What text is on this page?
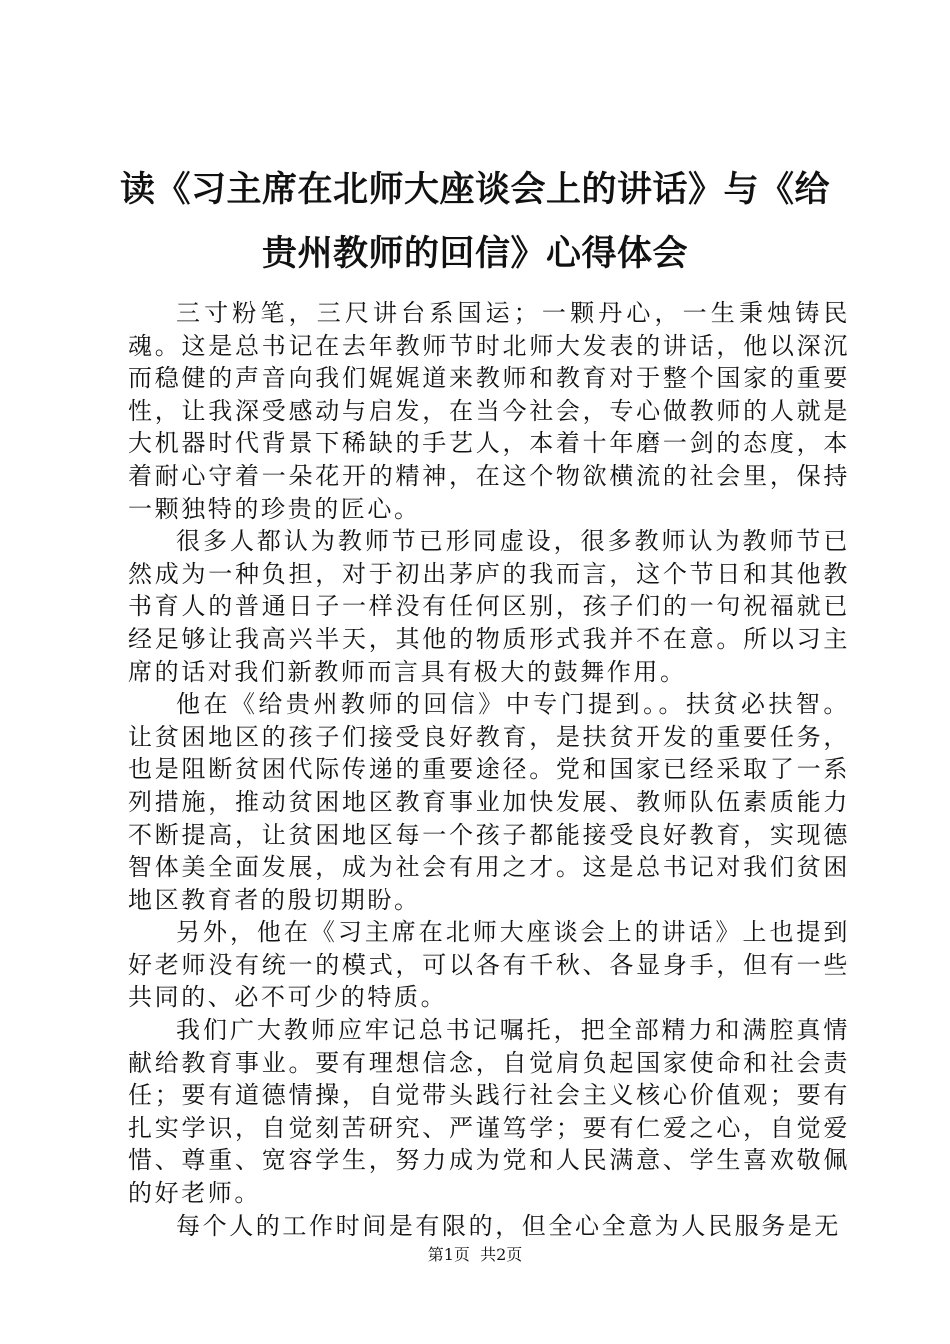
读《习主席在北师大座谈会上的讲话》与《给
贵州教师的回信》心得体会

三寸粉笔，三尺讲台系国运；一颗丹心，一生秉烛铸民魂。这是总书记在去年教师节时北师大发表的讲话，他以深沉而稳健的声音向我们娓娓道来教师和教育对于整个国家的重要性，让我深受感动与启发，在当今社会，专心做教师的人就是大机器时代背景下稀缺的手艺人，本着十年磨一剑的态度，本着耐心守着一朵花开的精神，在这个物欲横流的社会里，保持一颗独特的珍贵的匠心。

很多人都认为教师节已形同虚设，很多教师认为教师节已然成为一种负担，对于初出茅庐的我而言，这个节日和其他教书育人的普通日子一样没有任何区别，孩子们的一句祝福就已经足够让我高兴半天，其他的物质形式我并不在意。所以习主席的话对我们新教师而言具有极大的鼓舞作用。

他在《给贵州教师的回信》中专门提到。。扶贫必扶智。让贫困地区的孩子们接受良好教育，是扶贫开发的重要任务，也是阻断贫困代际传递的重要途径。党和国家已经采取了一系列措施，推动贫困地区教育事业加快发展、教师队伍素质能力不断提高，让贫困地区每一个孩子都能接受良好教育，实现德智体美全面发展，成为社会有用之才。这是总书记对我们贫困地区教育者的殷切期盼。

另外，他在《习主席在北师大座谈会上的讲话》上也提到好老师没有统一的模式，可以各有千秋、各显身手，但有一些共同的、必不可少的特质。

我们广大教师应牢记总书记嘱托，把全部精力和满腔真情献给教育事业。要有理想信念，自觉肩负起国家使命和社会责任；要有道德情操，自觉带头践行社会主义核心价值观；要有扎实学识，自觉刻苦研究、严谨笃学；要有仁爱之心，自觉爱惜、尊重、宽容学生，努力成为党和人民满意、学生喜欢敬佩的好老师。

每个人的工作时间是有限的，但全心全意为人民服务是无

第1页  共2页
